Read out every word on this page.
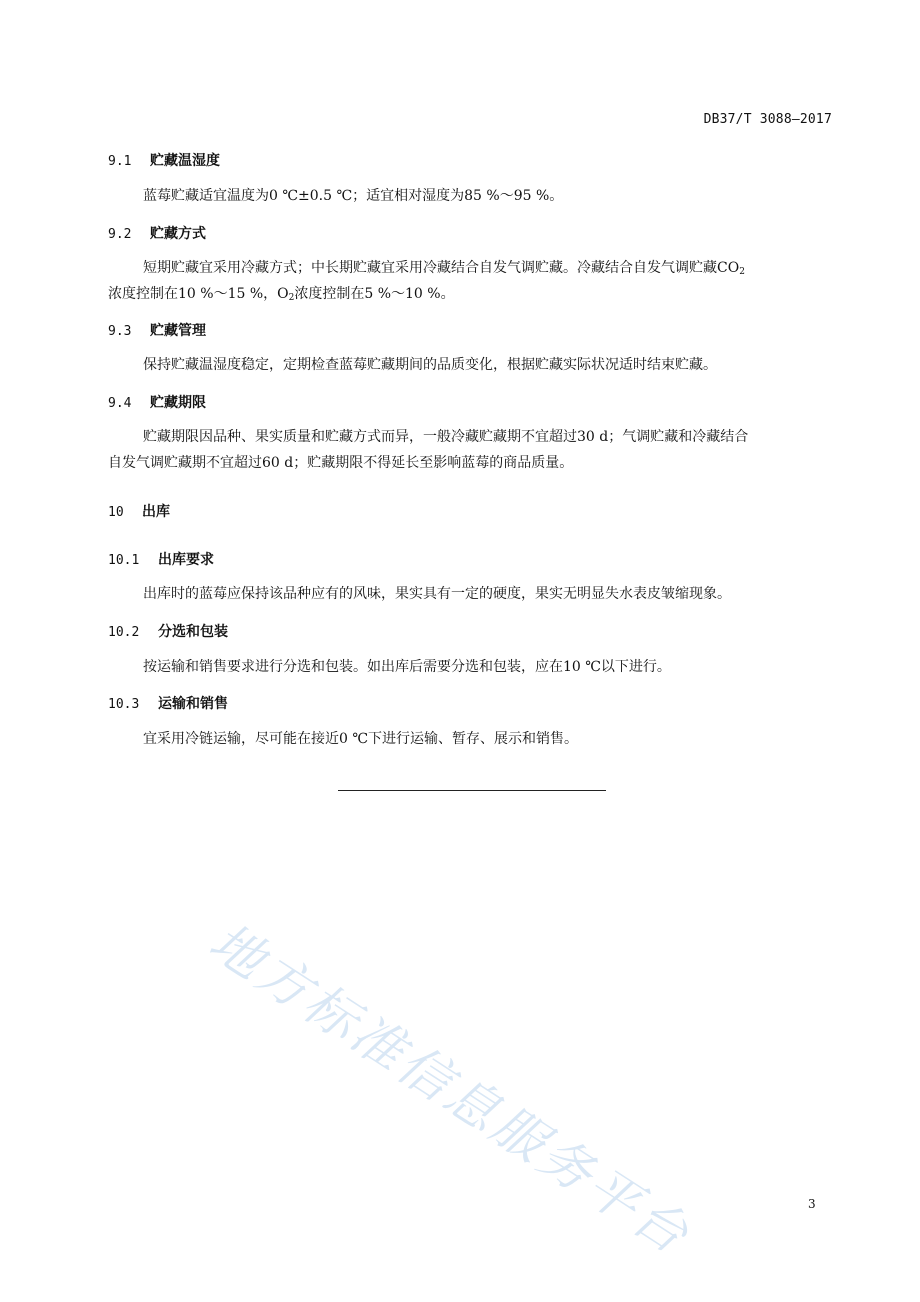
DB37/T 3088—2017
9.1 贮藏温湿度
蓝莓贮藏适宜温度为0 ℃±0.5 ℃；适宜相对湿度为85 %～95 %。
9.2 贮藏方式
短期贮藏宜采用冷藏方式；中长期贮藏宜采用冷藏结合自发气调贮藏。冷藏结合自发气调贮藏$CO_2$
浓度控制在10 %～15 %，$O_2$浓度控制在5 %～10 %。
9.3 贮藏管理
保持贮藏温湿度稳定，定期检查蓝莓贮藏期间的品质变化，根据贮藏实际状况适时结束贮藏。
9.4 贮藏期限
贮藏期限因品种、果实质量和贮藏方式而异，一般冷藏贮藏期不宜超过30 d；气调贮藏和冷藏结合
自发气调贮藏期不宜超过60 d；贮藏期限不得延长至影响蓝莓的商品质量。
10 出库
10.1 出库要求
出库时的蓝莓应保持该品种应有的风味，果实具有一定的硬度，果实无明显失水表皮皱缩现象。
10.2 分选和包装
按运输和销售要求进行分选和包装。如出库后需要分选和包装，应在10 ℃以下进行。
10.3 运输和销售
宜采用冷链运输，尽可能在接近0 ℃下进行运输、暂存、展示和销售。
地方标准信息服务平台	3
